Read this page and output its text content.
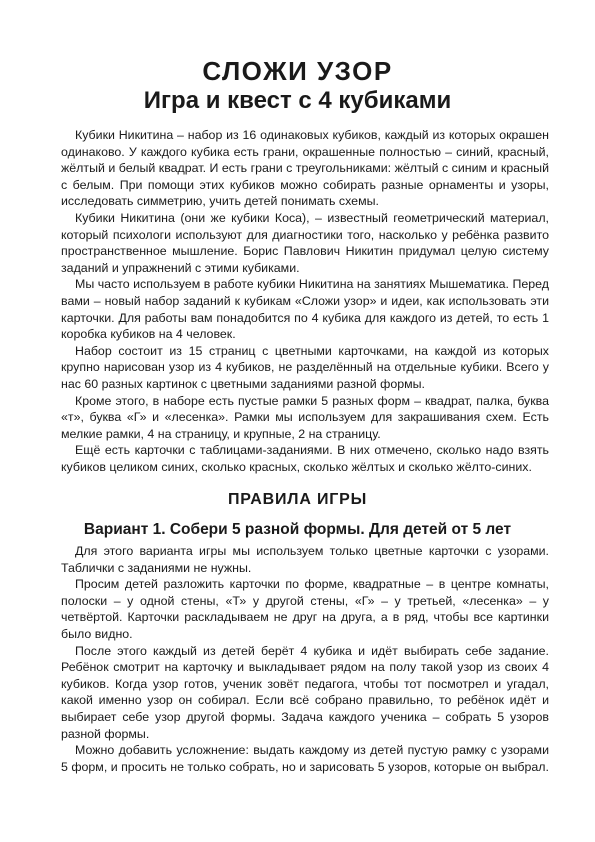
СЛОЖИ УЗОР
Игра и квест с 4 кубиками

Кубики Никитина – набор из 16 одинаковых кубиков, каждый из которых окрашен одинаково. У каждого кубика есть грани, окрашенные полностью – синий, красный, жёлтый и белый квадрат. И есть грани с треугольниками: жёлтый с синим и красный с белым. При помощи этих кубиков можно собирать разные орнаменты и узоры, исследовать симметрию, учить детей понимать схемы.

Кубики Никитина (они же кубики Коса), – известный геометрический материал, который психологи используют для диагностики того, насколько у ребёнка развито пространственное мышление. Борис Павлович Никитин придумал целую систему заданий и упражнений с этими кубиками.

Мы часто используем в работе кубики Никитина на занятиях Мышематика. Перед вами – новый набор заданий к кубикам «Сложи узор» и идеи, как использовать эти карточки. Для работы вам понадобится по 4 кубика для каждого из детей, то есть 1 коробка кубиков на 4 человек.

Набор состоит из 15 страниц с цветными карточками, на каждой из которых крупно нарисован узор из 4 кубиков, не разделённый на отдельные кубики. Всего у нас 60 разных картинок с цветными заданиями разной формы.

Кроме этого, в наборе есть пустые рамки 5 разных форм – квадрат, палка, буква «т», буква «Г» и «лесенка». Рамки мы используем для закрашивания схем. Есть мелкие рамки, 4 на страницу, и крупные, 2 на страницу.

Ещё есть карточки с таблицами-заданиями. В них отмечено, сколько надо взять кубиков целиком синих, сколько красных, сколько жёлтых и сколько жёлто-синих.

ПРАВИЛА ИГРЫ
Вариант 1. Собери 5 разной формы. Для детей от 5 лет

Для этого варианта игры мы используем только цветные карточки с узорами. Таблички с заданиями не нужны.

Просим детей разложить карточки по форме, квадратные – в центре комнаты, полоски – у одной стены, «Т» у другой стены, «Г» – у третьей, «лесенка» – у четвёртой. Карточки раскладываем не друг на друга, а в ряд, чтобы все картинки было видно.

После этого каждый из детей берёт 4 кубика и идёт выбирать себе задание. Ребёнок смотрит на карточку и выкладывает рядом на полу такой узор из своих 4 кубиков. Когда узор готов, ученик зовёт педагога, чтобы тот посмотрел и угадал, какой именно узор он собирал. Если всё собрано правильно, то ребёнок идёт и выбирает себе узор другой формы. Задача каждого ученика – собрать 5 узоров разной формы.

Можно добавить усложнение: выдать каждому из детей пустую рамку с узорами 5 форм, и просить не только собрать, но и зарисовать 5 узоров, которые он выбрал.
